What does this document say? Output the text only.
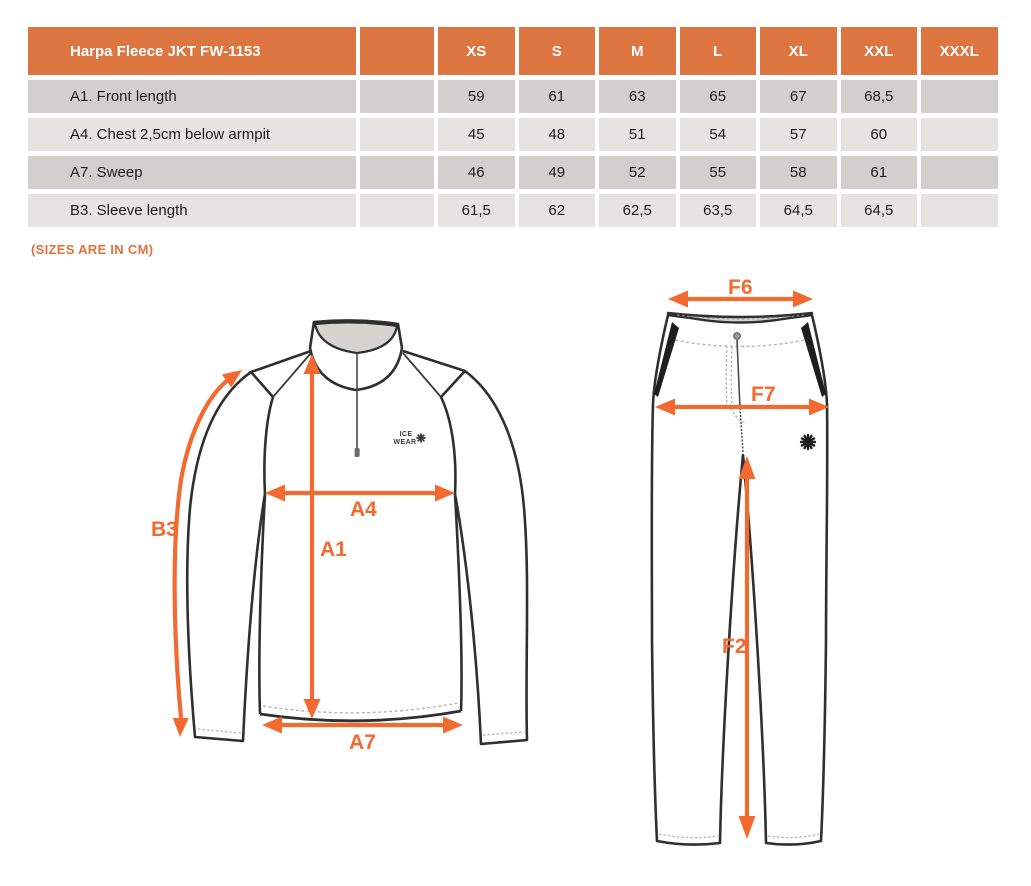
Harpa Fleece JKT FW-1153	XS	S	M	L	XL	XXL	XXXL
A1. Front length	59	61	63	65	67	68,5
A4. Chest 2,5cm below armpit	45	48	51	54	57	60
A7. Sweep	46	49	52	55	58	61
B3. Sleeve length	61,5	62	62,5	63,5	64,5	64,5
(SIZES ARE IN CM)
ICE
WEAR
B3
A1
A4
A7
F6
F7
F2
